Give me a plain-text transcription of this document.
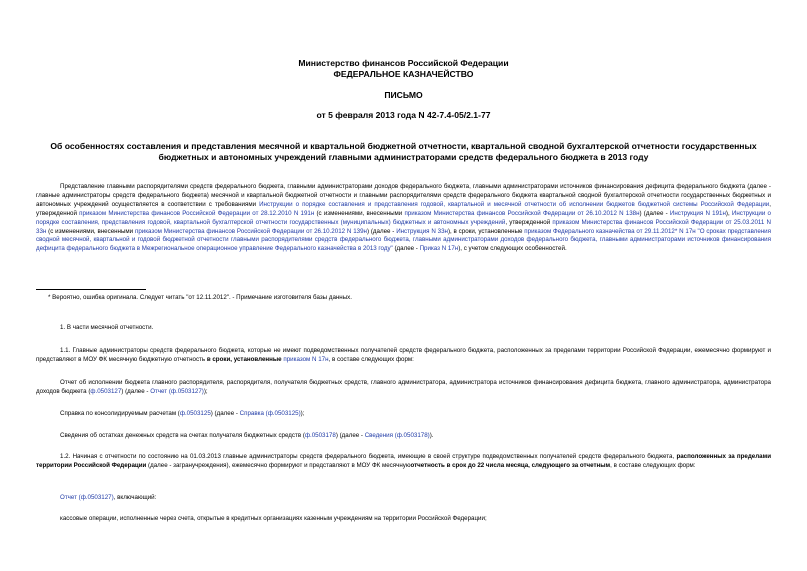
Министерство финансов Российской Федерации
ФЕДЕРАЛЬНОЕ КАЗНАЧЕЙСТВО
ПИСЬМО
от 5 февраля 2013 года N 42-7.4-05/2.1-77
Об особенностях составления и представления месячной и квартальной бюджетной отчетности, квартальной сводной бухгалтерской отчетности государственных бюджетных и автономных учреждений главными администраторами средств федерального бюджета в 2013 году
Представление главными распорядителями средств федерального бюджета, главными администраторами доходов федерального бюджета, главными администраторами источников финансирования дефицита федерального бюджета (далее - главные администраторы средств федерального бюджета) месячной и квартальной бюджетной отчетности и главными распорядителями средств федерального бюджета квартальной сводной бухгалтерской отчетности государственных бюджетных и автономных учреждений осуществляется в соответствии с требованиями Инструкции о порядке составления и представления годовой, квартальной и месячной отчетности об исполнении бюджетов бюджетной системы Российской Федерации, утвержденной приказом Министерства финансов Российской Федерации от 28.12.2010 N 191н (с изменениями, внесенными приказом Министерства финансов Российской Федерации от 26.10.2012 N 138н) (далее - Инструкция N 191н), Инструкции о порядке составления, представления годовой, квартальной бухгалтерской отчетности государственных (муниципальных) бюджетных и автономных учреждений, утвержденной приказом Министерства финансов Российской Федерации от 25.03.2011 N 33н (с изменениями, внесенными приказом Министерства финансов Российской Федерации от 26.10.2012 N 139н) (далее - Инструкция N 33н), в сроки, установленные приказом Федерального казначейства от 29.11.2012* N 17н "О сроках представления сводной месячной, квартальной и годовой бюджетной отчетности главными распорядителями средств федерального бюджета, главными администраторами доходов федерального бюджета, главными администраторами источников финансирования дефицита федерального бюджета в Межрегиональное операционное управление Федерального казначейства в 2013 году" (далее - Приказ N 17н), с учетом следующих особенностей.
* Вероятно, ошибка оригинала. Следует читать "от 12.11.2012". - Примечание изготовителя базы данных.
1. В части месячной отчетности.
1.1. Главные администраторы средств федерального бюджета, которые не имеют подведомственных получателей средств федерального бюджета, расположенных за пределами территории Российской Федерации, ежемесячно формируют и представляют в МОУ ФК месячную бюджетную отчетность в сроки, установленные приказом N 17н, в составе следующих форм:
Отчет об исполнении бюджета главного распорядителя, распорядителя, получателя бюджетных средств, главного администратора, администратора источников финансирования дефицита бюджета, главного администратора, администратора доходов бюджета (ф.0503127) (далее - Отчет (ф.0503127));
Справка по консолидируемым расчетам (ф.0503125) (далее - Справка (ф.0503125));
Сведения об остатках денежных средств на счетах получателя бюджетных средств (ф.0503178) (далее - Сведения (ф.0503178)).
1.2. Начиная с отчетности по состоянию на 01.03.2013 главные администраторы средств федерального бюджета, имеющие в своей структуре подведомственных получателей средств федерального бюджета, расположенных за пределами территории Российской Федерации (далее - загранучреждения), ежемесячно формируют и представляют в МОУ ФК месячнуюотчетность в срок до 22 числа месяца, следующего за отчетным, в составе следующих форм:
Отчет (ф.0503127), включающий:
кассовые операции, исполненные через счета, открытые в кредитных организациях казенным учреждениям на территории Российской Федерации;
